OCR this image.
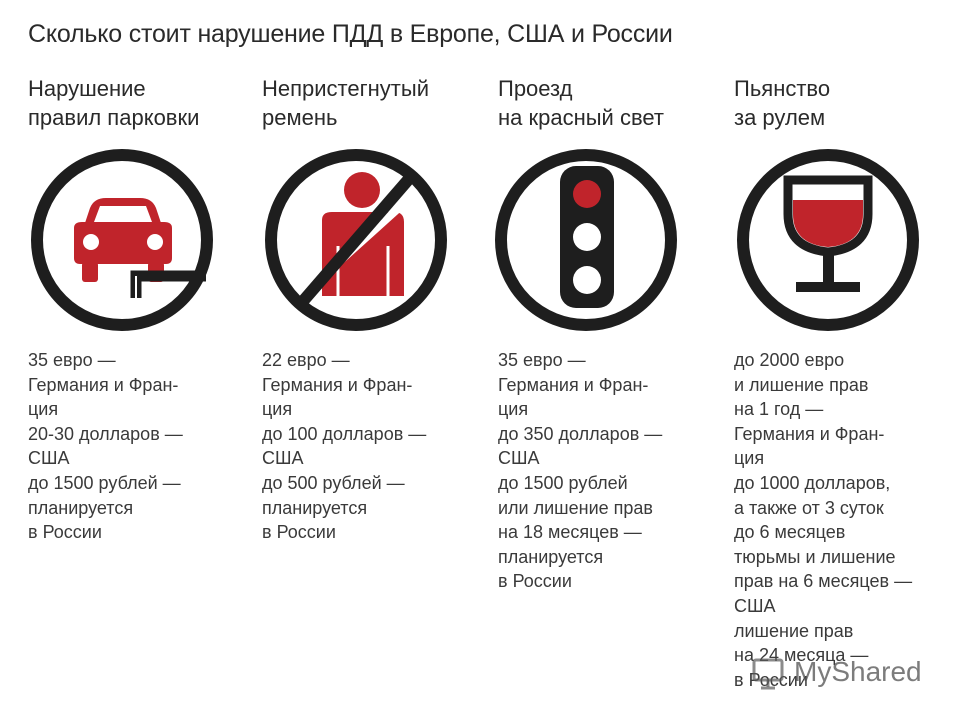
Сколько стоит нарушение ПДД в Европе, США и России
Нарушение
правил парковки
35 евро —
Германия и Фран-
ция
20-30 долларов —
США
до 1500 рублей —
планируется
в России
Непристегнутый
ремень
22 евро —
Германия и Фран-
ция
до 100 долларов —
США
до 500 рублей —
планируется
в России
Проезд
на красный свет
35 евро —
Германия и Фран-
ция
до 350 долларов —
США
до 1500 рублей
или лишение прав
на 18 месяцев —
планируется
в России
Пьянство
за рулем
до 2000 евро
и лишение прав
на 1 год —
Германия и Фран-
ция
до 1000 долларов,
а также от 3 суток
до 6 месяцев
тюрьмы и лишение
прав на 6 месяцев —
США
лишение прав
на 24 месяца —
в России
MyShared
